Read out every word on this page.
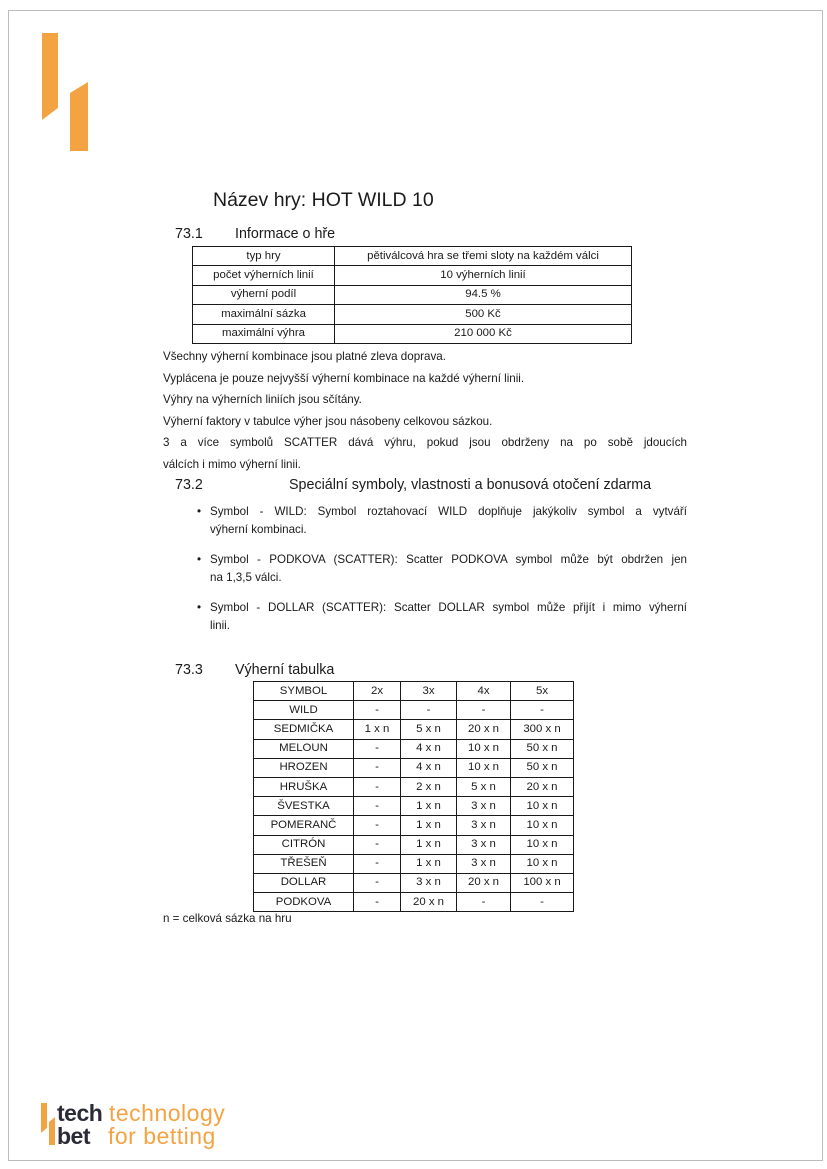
Název hry: HOT WILD 10
73.1 Informace o hře
typ hry	pětiválcová hra se třemi sloty na každém válci
počet výherních linií	10 výherních linií
výherní podíl	94.5 %
maximální sázka	500 Kč
maximální výhra	210 000 Kč
Všechny výherní kombinace jsou platné zleva doprava.
Vyplácena je pouze nejvyšší výherní kombinace na každé výherní linii.
Výhry na výherních liniích jsou sčítány.
Výherní faktory v tabulce výher jsou násobeny celkovou sázkou.
3 a více symbolů SCATTER dává výhru, pokud jsou obdrženy na po sobě jdoucích
válcích i mimo výherní linii.
73.2	Speciální symboly, vlastnosti a bonusová otočení zdarma
• Symbol - WILD: Symbol roztahovací WILD doplňuje jakýkoliv symbol a vytváří
výherní kombinaci.
• Symbol - PODKOVA (SCATTER): Scatter PODKOVA symbol může být obdržen jen
na 1,3,5 válci.
• Symbol - DOLLAR (SCATTER): Scatter DOLLAR symbol může přijít i mimo výherní
linii.
73.3 Výherní tabulka
SYMBOL	2x	3x	4x	5x
WILD	-	-	-	-
SEDMIČKA	1 x n	5 x n	20 x n	300 x n
MELOUN	-	4 x n	10 x n	50 x n
HROZEN	-	4 x n	10 x n	50 x n
HRUŠKA	-	2 x n	5 x n	20 x n
ŠVESTKA	-	1 x n	3 x n	10 x n
POMERANČ	-	1 x n	3 x n	10 x n
CITRÓN	-	1 x n	3 x n	10 x n
TŘEŠEŇ	-	1 x n	3 x n	10 x n
DOLLAR	-	3 x n	20 x n	100 x n
PODKOVA	-	20 x n	-	-
n = celková sázka na hru
tech
bet
technology
for betting
